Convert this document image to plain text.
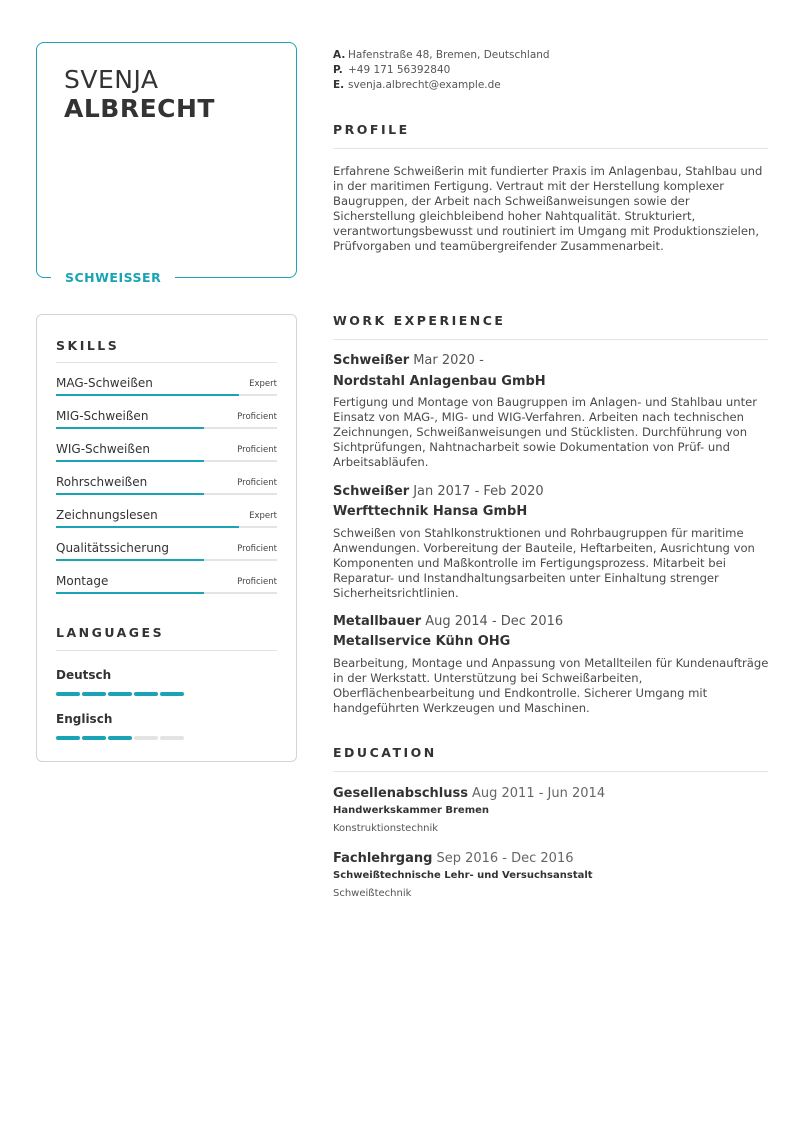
SVENJA
ALBRECHT
SCHWEISSER
SKILLS
MAG-Schweißen	Expert
MIG-Schweißen	Proficient
WIG-Schweißen	Proficient
Rohrschweißen	Proficient
Zeichnungslesen	Expert
Qualitätssicherung	Proficient
Montage	Proficient
LANGUAGES
Deutsch
Englisch
A. Hafenstraße 48, Bremen, Deutschland
P. +49 171 56392840
E. svenja.albrecht@example.de
PROFILE
Erfahrene Schweißerin mit fundierter Praxis im Anlagenbau, Stahlbau und in der maritimen Fertigung. Vertraut mit der Herstellung komplexer Baugruppen, der Arbeit nach Schweißanweisungen sowie der Sicherstellung gleichbleibend hoher Nahtqualität. Strukturiert, verantwortungsbewusst und routiniert im Umgang mit Produktionszielen, Prüfvorgaben und teamübergreifender Zusammenarbeit.
WORK EXPERIENCE
Schweißer Mar 2020 -
Nordstahl Anlagenbau GmbH
Fertigung und Montage von Baugruppen im Anlagen- und Stahlbau unter Einsatz von MAG-, MIG- und WIG-Verfahren. Arbeiten nach technischen Zeichnungen, Schweißanweisungen und Stücklisten. Durchführung von Sichtprüfungen, Nahtnacharbeit sowie Dokumentation von Prüf- und Arbeitsabläufen.
Schweißer Jan 2017 - Feb 2020
Werfttechnik Hansa GmbH
Schweißen von Stahlkonstruktionen und Rohrbaugruppen für maritime Anwendungen. Vorbereitung der Bauteile, Heftarbeiten, Ausrichtung von Komponenten und Maßkontrolle im Fertigungsprozess. Mitarbeit bei Reparatur- und Instandhaltungsarbeiten unter Einhaltung strenger Sicherheitsrichtlinien.
Metallbauer Aug 2014 - Dec 2016
Metallservice Kühn OHG
Bearbeitung, Montage und Anpassung von Metallteilen für Kundenaufträge in der Werkstatt. Unterstützung bei Schweißarbeiten, Oberflächenbearbeitung und Endkontrolle. Sicherer Umgang mit handgeführten Werkzeugen und Maschinen.
EDUCATION
Gesellenabschluss Aug 2011 - Jun 2014
Handwerkskammer Bremen
Konstruktionstechnik
Fachlehrgang Sep 2016 - Dec 2016
Schweißtechnische Lehr- und Versuchsanstalt
Schweißtechnik
